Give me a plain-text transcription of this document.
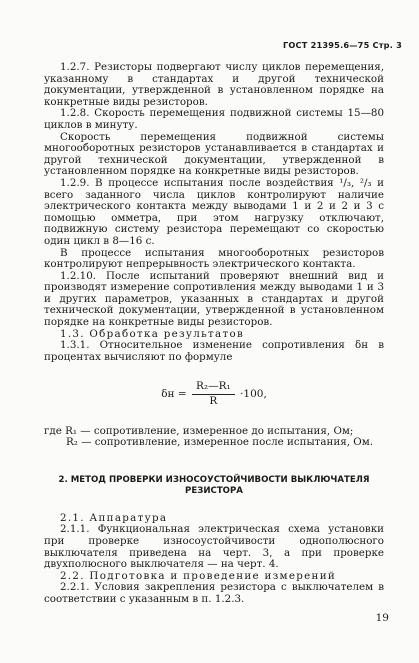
ГОСТ 21395.6—75 Стр. 3

1.2.7. Резисторы подвергают числу циклов перемещения, указанному в стандартах и другой технической документации, утвержденной в установленном порядке на конкретные виды резисторов.

1.2.8. Скорость перемещения подвижной системы 15—80 циклов в минуту.

Скорость перемещения подвижной системы многооборотных резисторов устанавливается в стандартах и другой технической документации, утвержденной в установленном порядке на конкретные виды резисторов.

1.2.9. В процессе испытания после воздействия ¹/₃, ²/₃ и всего заданного числа циклов контролируют наличие электрического контакта между выводами 1 и 2 и 2 и 3 с помощью омметра, при этом нагрузку отключают, подвижную систему резистора перемещают со скоростью один цикл в 8—16 с.

В процессе испытания многооборотных резисторов контролируют непрерывность электрического контакта.

1.2.10. После испытаний проверяют внешний вид и производят измерение сопротивления между выводами 1 и 3 и других параметров, указанных в стандартах и другой технической документации, утвержденной в установленном порядке на конкретные виды резисторов.

1.3. Обработка результатов

1.3.1. Относительное изменение сопротивления δн в процентах вычисляют по формуле

$\delta н = \frac{\text{R₂—R₁}}{R} \cdot 100$,
где R₁ — сопротивление, измеренное до испытания, Ом;
R₂ — сопротивление, измеренное после испытания, Ом.
2. МЕТОД ПРОВЕРКИ ИЗНОСОУСТОЙЧИВОСТИ ВЫКЛЮЧАТЕЛЯ
РЕЗИСТОРА

2.1. Аппаратура

2.1.1. Функциональная электрическая схема установки при проверке износоустойчивости однополюсного выключателя приведена на черт. 3, а при проверке двухполюсного выключателя — на черт. 4.

2.2. Подготовка и проведение измерений

2.2.1. Условия закрепления резистора с выключателем в соответствии с указанным в п. 1.2.3.

19
